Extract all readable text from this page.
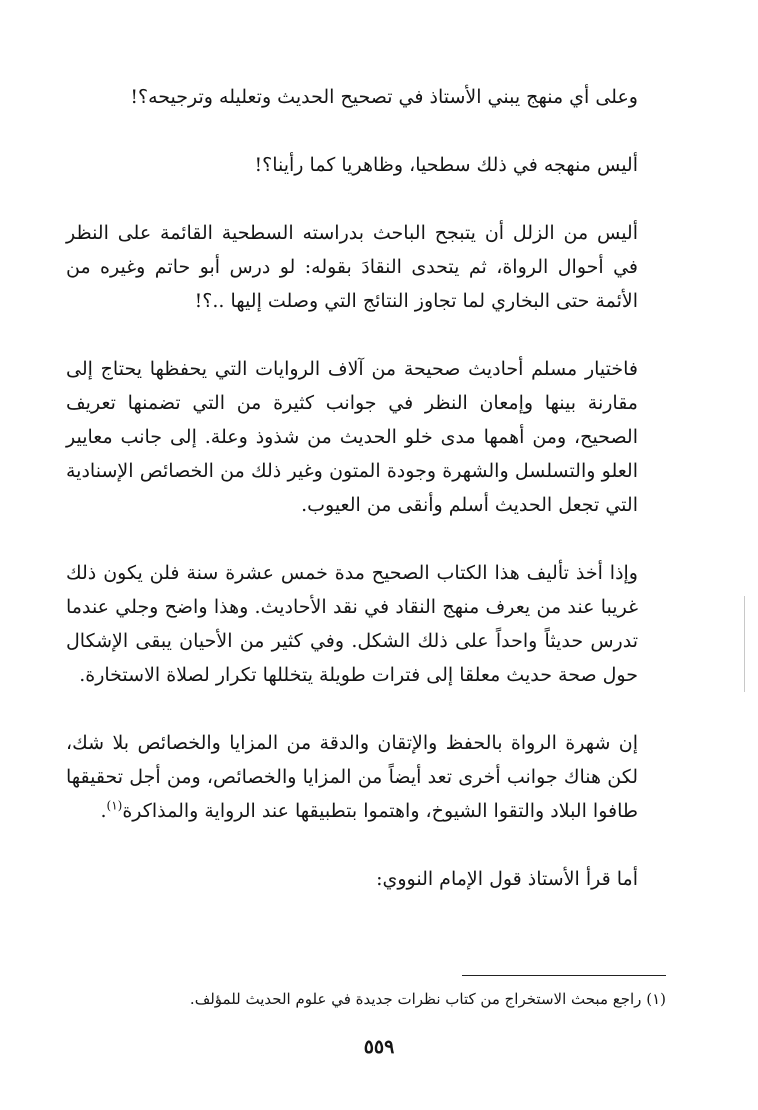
وعلى أي منهج يبني الأستاذ في تصحيح الحديث وتعليله وترجيحه؟!

أليس منهجه في ذلك سطحيا، وظاهريا كما رأينا؟!

أليس من الزلل أن يتبجح الباحث بدراسته السطحية القائمة على النظر في أحوال الرواة، ثم يتحدى النقادَ بقوله: لو درس أبو حاتم وغيره من الأئمة حتى البخاري لما تجاوز النتائج التي وصلت إليها ..؟!

فاختيار مسلم أحاديث صحيحة من آلاف الروايات التي يحفظها يحتاج إلى مقارنة بينها وإمعان النظر في جوانب كثيرة من التي تضمنها تعريف الصحيح، ومن أهمها مدى خلو الحديث من شذوذ وعلة. إلى جانب معايير العلو والتسلسل والشهرة وجودة المتون وغير ذلك من الخصائص الإسنادية التي تجعل الحديث أسلم وأنقى من العيوب.

وإذا أخذ تأليف هذا الكتاب الصحيح مدة خمس عشرة سنة فلن يكون ذلك غريبا عند من يعرف منهج النقاد في نقد الأحاديث. وهذا واضح وجلي عندما تدرس حديثاً واحداً على ذلك الشكل. وفي كثير من الأحيان يبقى الإشكال حول صحة حديث معلقا إلى فترات طويلة يتخللها تكرار لصلاة الاستخارة.

إن شهرة الرواة بالحفظ والإتقان والدقة من المزايا والخصائص بلا شك، لكن هناك جوانب أخرى تعد أيضاً من المزايا والخصائص، ومن أجل تحقيقها طافوا البلاد والتقوا الشيوخ، واهتموا بتطبيقها عند الرواية والمذاكرة$^{(١)}$.

أما قرأ الأستاذ قول الإمام النووي:

(١) راجع مبحث الاستخراج من كتاب نظرات جديدة في علوم الحديث للمؤلف.
٥٥٩
